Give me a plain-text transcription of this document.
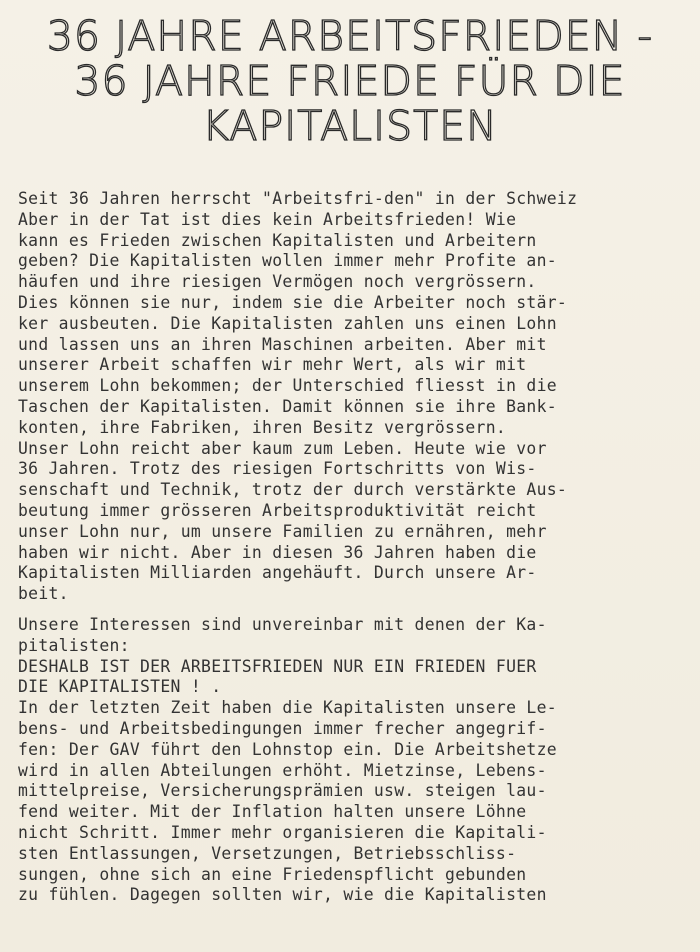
36 JAHRE ARBEITSFRIEDEN -
36 JAHRE FRIEDE FÜR DIE
KAPITALISTEN
Seit 36 Jahren herrscht "Arbeitsfri-den" in der Schweiz
Aber in der Tat ist dies kein Arbeitsfrieden! Wie
kann es Frieden zwischen Kapitalisten und Arbeitern
geben? Die Kapitalisten wollen immer mehr Profite an-
häufen und ihre riesigen Vermögen noch vergrössern.
Dies können sie nur, indem sie die Arbeiter noch stär-
ker ausbeuten. Die Kapitalisten zahlen uns einen Lohn
und lassen uns an ihren Maschinen arbeiten. Aber mit
unserer Arbeit schaffen wir mehr Wert, als wir mit
unserem Lohn bekommen; der Unterschied fliesst in die
Taschen der Kapitalisten. Damit können sie ihre Bank-
konten, ihre Fabriken, ihren Besitz vergrössern.
Unser Lohn reicht aber kaum zum Leben. Heute wie vor
36 Jahren. Trotz des riesigen Fortschritts von Wis-
senschaft und Technik, trotz der durch verstärkte Aus-
beutung immer grösseren Arbeitsproduktivität reicht
unser Lohn nur, um unsere Familien zu ernähren, mehr
haben wir nicht. Aber in diesen 36 Jahren haben die
Kapitalisten Milliarden angehäuft. Durch unsere Ar-
beit.
Unsere Interessen sind unvereinbar mit denen der Ka-
pitalisten:
DESHALB IST DER ARBEITSFRIEDEN NUR EIN FRIEDEN FUER
DIE KAPITALISTEN ! .
In der letzten Zeit haben die Kapitalisten unsere Le-
bens- und Arbeitsbedingungen immer frecher angegrif-
fen: Der GAV führt den Lohnstop ein. Die Arbeitshetze
wird in allen Abteilungen erhöht. Mietzinse, Lebens-
mittelpreise, Versicherungsprämien usw. steigen lau-
fend weiter. Mit der Inflation halten unsere Löhne
nicht Schritt. Immer mehr organisieren die Kapitali-
sten Entlassungen, Versetzungen, Betriebsschliss-
sungen, ohne sich an eine Friedenspflicht gebunden
zu fühlen. Dagegen sollten wir, wie die Kapitalisten
